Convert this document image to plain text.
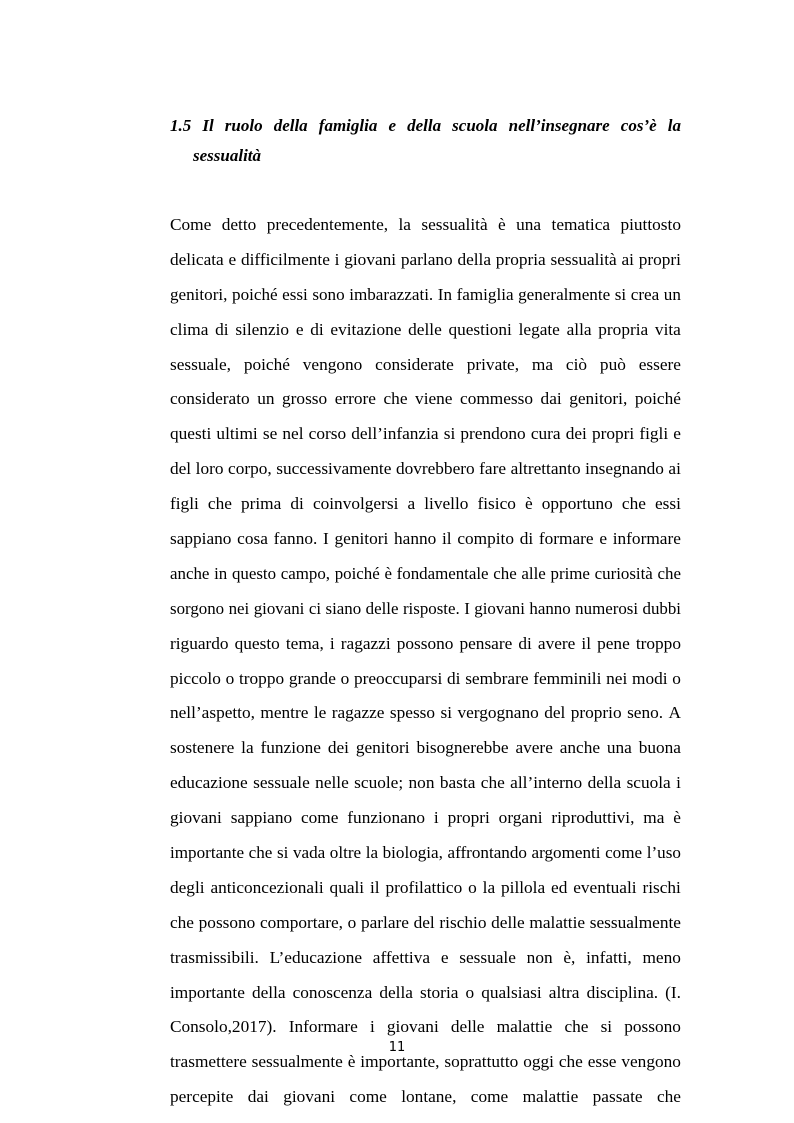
1.5 Il ruolo della famiglia e della scuola nell’insegnare cos’è la

sessualità

Come detto precedentemente, la sessualità è una tematica piuttosto
delicata e difficilmente i giovani parlano della propria sessualità ai propri
genitori, poiché essi sono imbarazzati. In famiglia generalmente si crea un
clima di silenzio e di evitazione delle questioni legate alla propria vita
sessuale, poiché vengono considerate private, ma ciò può essere
considerato un grosso errore che viene commesso dai genitori, poiché
questi ultimi se nel corso dell’infanzia si prendono cura dei propri figli e
del loro corpo, successivamente dovrebbero fare altrettanto insegnando ai
figli che prima di coinvolgersi a livello fisico è opportuno che essi
sappiano cosa fanno. I genitori hanno il compito di formare e informare
anche in questo campo, poiché è fondamentale che alle prime curiosità che
sorgono nei giovani ci siano delle risposte. I giovani hanno numerosi dubbi
riguardo questo tema, i ragazzi possono pensare di avere il pene troppo
piccolo o troppo grande o preoccuparsi di sembrare femminili nei modi o
nell’aspetto, mentre le ragazze spesso si vergognano del proprio seno. A
sostenere la funzione dei genitori bisognerebbe avere anche una buona
educazione sessuale nelle scuole; non basta che all’interno della scuola i
giovani sappiano come funzionano i propri organi riproduttivi, ma è
importante che si vada oltre la biologia, affrontando argomenti come l’uso
degli anticoncezionali quali il profilattico o la pillola ed eventuali rischi
che possono comportare, o parlare del rischio delle malattie sessualmente
trasmissibili. L’educazione affettiva e sessuale non è, infatti, meno
importante della conoscenza della storia o qualsiasi altra disciplina. (I.
Consolo,2017). Informare i giovani delle malattie che si possono
trasmettere sessualmente è importante, soprattutto oggi che esse vengono
percepite dai giovani come lontane, come malattie passate che
11
